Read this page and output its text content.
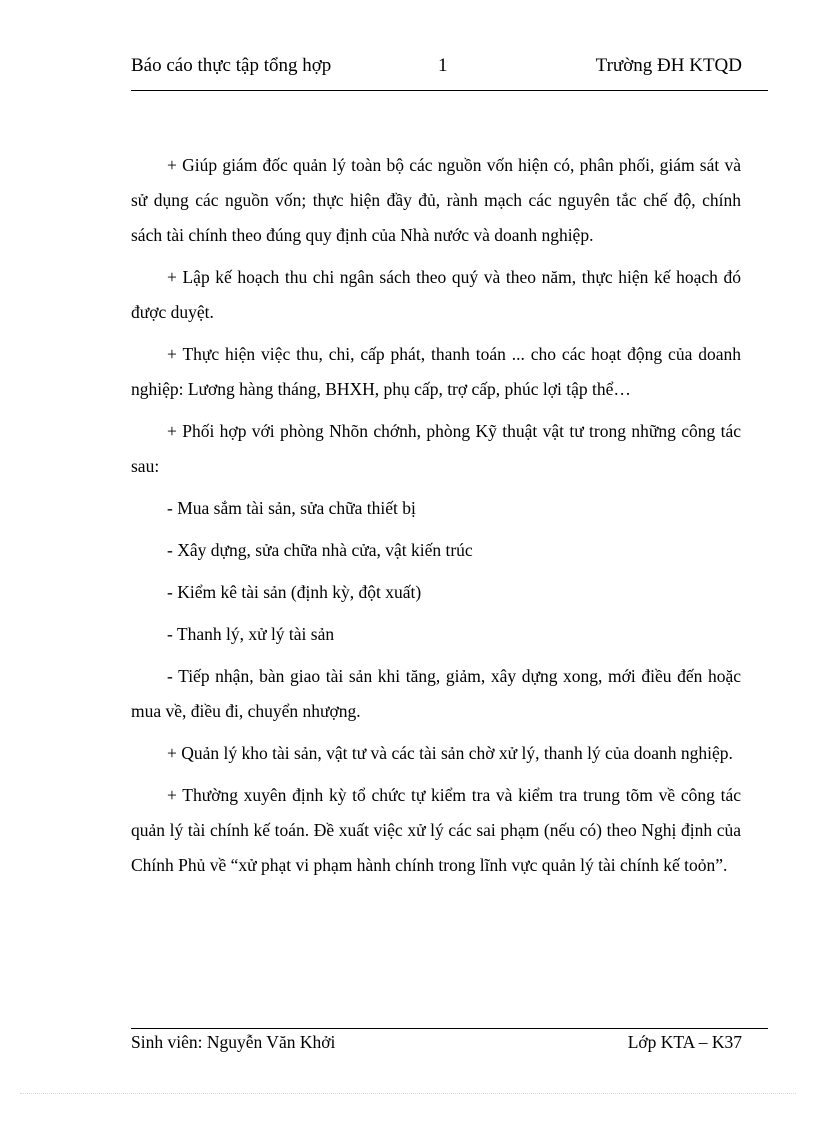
Báo cáo thực tập tổng hợp	1	Trường ĐH KTQD

+ Giúp giám đốc quản lý toàn bộ các nguồn vốn hiện có, phân phối, giám sát và sử dụng các nguồn vốn; thực hiện đầy đủ, rành mạch các nguyên tắc chế độ, chính sách tài chính theo đúng quy định của Nhà nước và doanh nghiệp.

+ Lập kế hoạch thu chi ngân sách theo quý và theo năm, thực hiện kế hoạch đó được duyệt.

+ Thực hiện việc thu, chi, cấp phát, thanh toán ... cho các hoạt động của doanh nghiệp: Lương hàng tháng, BHXH, phụ cấp, trợ cấp, phúc lợi tập thể…

+ Phối hợp với phòng Nhõn chớnh, phòng Kỹ thuật vật tư trong những công tác sau:

- Mua sắm tài sản, sửa chữa thiết bị

- Xây dựng, sửa chữa nhà cửa, vật kiến trúc

- Kiểm kê tài sản (định kỳ, đột xuất)

- Thanh lý, xử lý tài sản

- Tiếp nhận, bàn giao tài sản khi tăng, giảm, xây dựng xong, mới điều đến hoặc mua về, điều đi, chuyển nhượng.

+ Quản lý kho tài sản, vật tư và các tài sản chờ xử lý, thanh lý của doanh nghiệp.

+ Thường xuyên định kỳ tổ chức tự kiểm tra và kiểm tra trung tõm về công tác quản lý tài chính kế toán. Đề xuất việc xử lý các sai phạm (nếu có) theo Nghị định của Chính Phủ về “xử phạt vi phạm hành chính trong lĩnh vực quản lý tài chính kế toỏn”.

Sinh viên: Nguyễn Văn Khởi	Lớp KTA – K37
